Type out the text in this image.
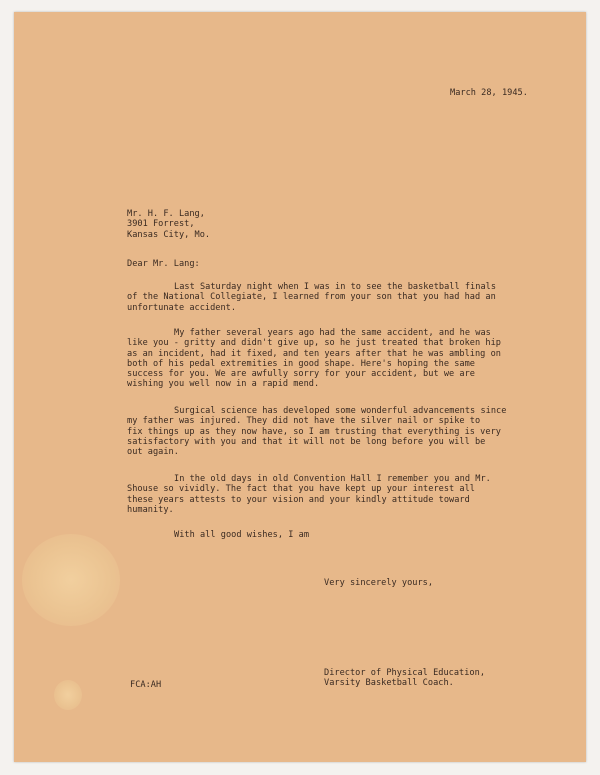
March 28, 1945.
Mr. H. F. Lang,
3901 Forrest,
Kansas City, Mo.
Dear Mr. Lang:
Last Saturday night when I was in to see the basketball finals
of the National Collegiate, I learned from your son that you had had an
unfortunate accident.
My father several years ago had the same accident, and he was
like you - gritty and didn't give up, so he just treated that broken hip
as an incident, had it fixed, and ten years after that he was ambling on
both of his pedal extremities in good shape. Here's hoping the same
success for you. We are awfully sorry for your accident, but we are
wishing you well now in a rapid mend.
Surgical science has developed some wonderful advancements since
my father was injured. They did not have the silver nail or spike to
fix things up as they now have, so I am trusting that everything is very
satisfactory with you and that it will not be long before you will be
out again.
In the old days in old Convention Hall I remember you and Mr.
Shouse so vividly. The fact that you have kept up your interest all
these years attests to your vision and your kindly attitude toward
humanity.
With all good wishes, I am
Very sincerely yours,
Director of Physical Education,
Varsity Basketball Coach.
FCA:AH
